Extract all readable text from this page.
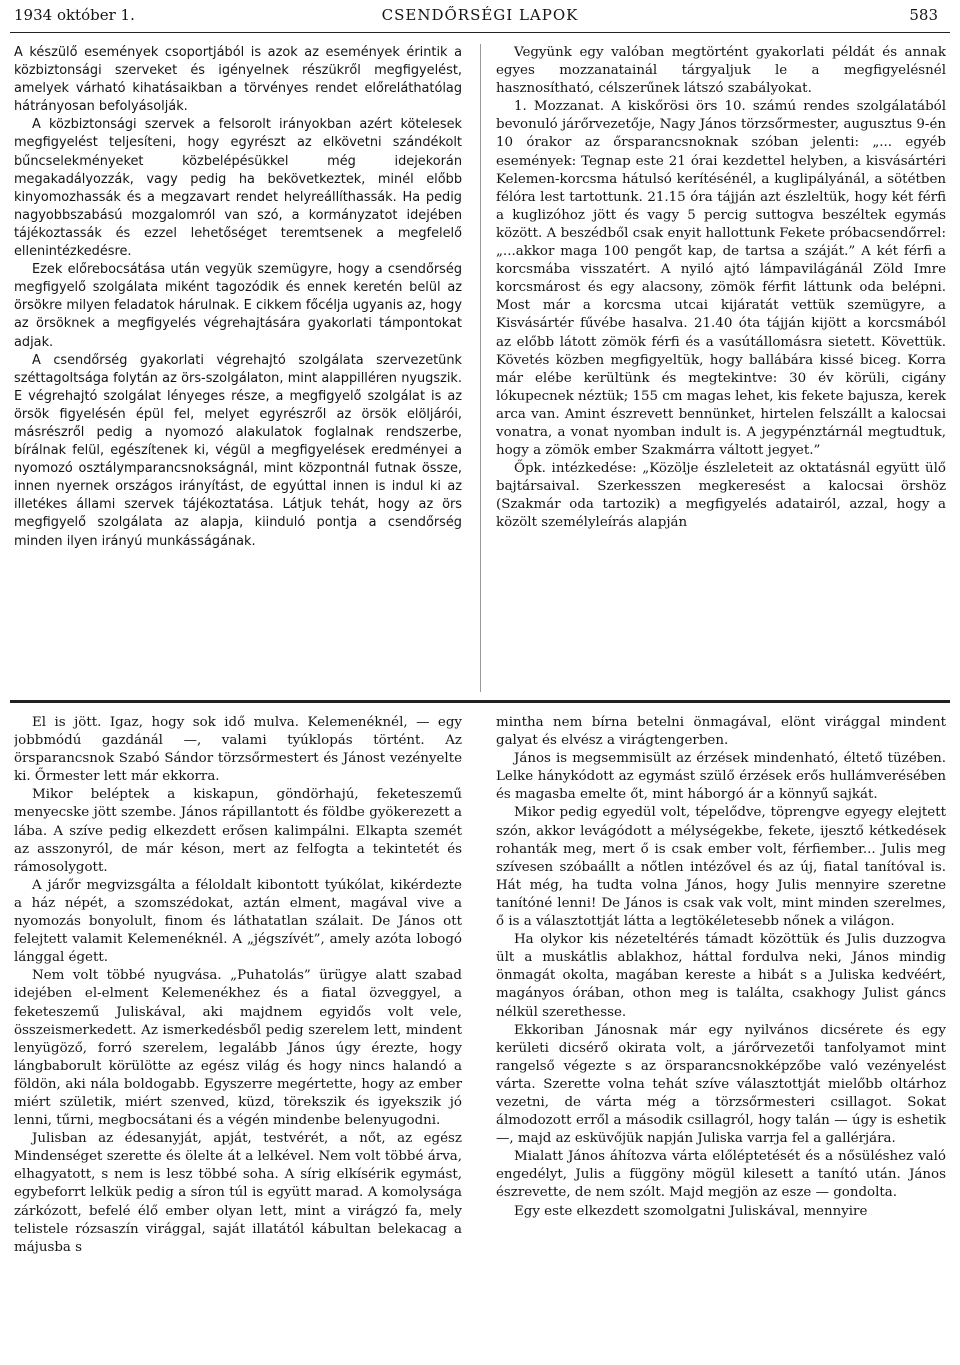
1934 október 1.	CSENDŐRSÉGI LAPOK	583

A készülő események csoportjából is azok az események érintik a közbiztonsági szerveket és igényelnek részükről megfigyelést, amelyek várható kihatásaikban a törvényes rendet előreláthatólag hátrányosan befolyásolják.

A közbiztonsági szervek a felsorolt irányokban azért kötelesek megfigyelést teljesíteni, hogy egyrészt az elkövetni szándékolt bűncselekményeket közbelépésükkel még idejekorán megakadályozzák, vagy pedig ha bekövetkeztek, minél előbb kinyomozhassák és a megzavart rendet helyreállíthassák. Ha pedig nagyobbszabású mozgalomról van szó, a kormányzatot idejében tájékoztassák és ezzel lehetőséget teremtsenek a megfelelő ellenintézkedésre.

Ezek előrebocsátása után vegyük szemügyre, hogy a csendőrség megfigyelő szolgálata miként tagozódik és ennek keretén belül az örsökre milyen feladatok hárulnak. E cikkem főcélja ugyanis az, hogy az örsöknek a megfigyelés végrehajtására gyakorlati támpontokat adjak.

A csendőrség gyakorlati végrehajtó szolgálata szervezetünk széttagoltsága folytán az örs-szolgálaton, mint alappilléren nyugszik. E végrehajtó szolgálat lényeges része, a megfigyelő szolgálat is az örsök figyelésén épül fel, melyet egyrészről az örsök elöljárói, másrészről pedig a nyomozó alakulatok foglalnak rendszerbe, bírálnak felül, egészítenek ki, végül a megfigyelések eredményei a nyomozó osztálymparancsnokságnál, mint központnál futnak össze, innen nyernek országos irányítást, de egyúttal innen is indul ki az illetékes állami szervek tájékoztatása. Látjuk tehát, hogy az örs megfigyelő szolgálata az alapja, kiinduló pontja a csendőrség minden ilyen irányú munkásságának.

Vegyünk egy valóban megtörtént gyakorlati példát és annak egyes mozzanatainál tárgyaljuk le a megfigyelésnél hasznosítható, célszerűnek látszó szabályokat.

1. Mozzanat. A kiskőrösi örs 10. számú rendes szolgálatából bevonuló járőrvezetője, Nagy János törzsőrmester, augusztus 9-én 10 órakor az őrsparancsnoknak szóban jelenti: „... egyéb események: Tegnap este 21 órai kezdettel helyben, a kisvásártéri Kelemen-korcsma hátulsó kerítésénél, a kuglipályánál, a sötétben félóra lest tartottunk. 21.15 óra tájján azt észleltük, hogy két férfi a kuglizóhoz jött és vagy 5 percig suttogva beszéltek egymás között. A beszédből csak enyit hallottunk Fekete próbacsendőrrel: „...akkor maga 100 pengőt kap, de tartsa a száját.” A két férfi a korcsmába visszatért. A nyiló ajtó lámpavilágánál Zöld Imre korcsmárost és egy alacsony, zömök férfit láttunk oda belépni. Most már a korcsma utcai kijáratát vettük szemügyre, a Kisvásártér fűvébe hasalva. 21.40 óta tájján kijött a korcsmából az előbb látott zömök férfi és a vasútállomásra sietett. Követtük. Követés közben megfigyeltük, hogy ballábára kissé biceg. Korra már elébe kerültünk és megtekintve: 30 év körüli, cigány lókupecnek néztük; 155 cm magas lehet, kis fekete bajusza, kerek arca van. Amint észrevett bennünket, hirtelen felszállt a kalocsai vonatra, a vonat nyomban indult is. A jegypénztárnál megtudtuk, hogy a zömök ember Szakmárra váltott jegyet.”

Őpk. intézkedése: „Közölje észleleteit az oktatásnál együtt ülő bajtársaival. Szerkesszen megkeresést a kalocsai örshöz (Szakmár oda tartozik) a megfigyelés adatairól, azzal, hogy a közölt személyleírás alapján

El is jött. Igaz, hogy sok idő mulva. Kelemenéknél, — egy jobbmódú gazdánál —, valami tyúklopás történt. Az örsparancsnok Szabó Sándor törzsőrmestert és Jánost vezényelte ki. Őrmester lett már ekkorra.

Mikor beléptek a kiskapun, göndörhajú, feketeszemű menyecske jött szembe. János rápillantott és földbe gyökerezett a lába. A szíve pedig elkezdett erősen kalimpálni. Elkapta szemét az asszonyról, de már késon, mert az felfogta a tekintetét és rámosolygott.

A járőr megvizsgálta a féloldalt kibontott tyúkólat, kikérdezte a ház népét, a szomszédokat, aztán elment, magával vive a nyomozás bonyolult, finom és láthatatlan szálait. De János ott felejtett valamit Kelemenéknél. A „jégszívét”, amely azóta lobogó lánggal égett.

Nem volt többé nyugvása. „Puhatolás” ürügye alatt szabad idejében el-elment Kelemenékhez és a fiatal özveggyel, a feketeszemű Juliskával, aki majdnem egyidős volt vele, összeismerkedett. Az ismerkedésből pedig szerelem lett, mindent lenyügöző, forró szerelem, legalább János úgy érezte, hogy lángbaborult körülötte az egész világ és hogy nincs halandó a földön, aki nála boldogabb. Egyszerre megértette, hogy az ember miért születik, miért szenved, küzd, törekszik és igyekszik jó lenni, tűrni, megbocsátani és a végén mindenbe belenyugodni.

Julisban az édesanyját, apját, testvérét, a nőt, az egész Mindenséget szerette és ölelte át a lelkével. Nem volt többé árva, elhagyatott, s nem is lesz többé soha. A sírig elkísérik egymást, egybeforrt lelkük pedig a síron túl is együtt marad. A komolysága zárkózott, befelé élő ember olyan lett, mint a virágzó fa, mely telistele rózsaszín virággal, saját illatától kábultan belekacag a májusba s

mintha nem bírna betelni önmagával, elönt virággal mindent galyat és elvész a virágtengerben.

János is megsemmisült az érzések mindenható, éltető tüzében. Lelke hánykódott az egymást szülő érzések erős hullámverésében és magasba emelte őt, mint háborgó ár a könnyű sajkát.

Mikor pedig egyedül volt, tépelődve, töprengve egyegy elejtett szón, akkor levágódott a mélységekbe, fekete, ijesztő kétkedések rohanták meg, mert ő is csak ember volt, férfiember... Julis meg szívesen szóbaállt a nőtlen intézővel és az új, fiatal tanítóval is. Hát még, ha tudta volna János, hogy Julis mennyire szeretne tanítóné lenni! De János is csak vak volt, mint minden szerelmes, ő is a választottját látta a legtökéletesebb nőnek a világon.

Ha olykor kis nézeteltérés támadt közöttük és Julis duzzogva ült a muskátlis ablakhoz, háttal fordulva neki, János mindig önmagát okolta, magában kereste a hibát s a Juliska kedvéért, magányos órában, othon meg is találta, csakhogy Julist gáncs nélkül szerethesse.

Ekkoriban Jánosnak már egy nyilvános dicsérete és egy kerületi dicsérő okirata volt, a járőrvezetői tanfolyamot mint rangelső végezte s az örsparancsnokképzőbe való vezényelést várta. Szerette volna tehát szíve választottját mielőbb oltárhoz vezetni, de várta még a törzsőrmesteri csillagot. Sokat álmodozott erről a második csillagról, hogy talán — úgy is eshetik —, majd az esküvőjük napján Juliska varrja fel a gallérjára.

Mialatt János áhítozva várta előléptetését és a nősüléshez való engedélyt, Julis a függöny mögül kilesett a tanító után. János észrevette, de nem szólt. Majd megjön az esze — gondolta.

Egy este elkezdett szomolgatni Juliskával, mennyire
